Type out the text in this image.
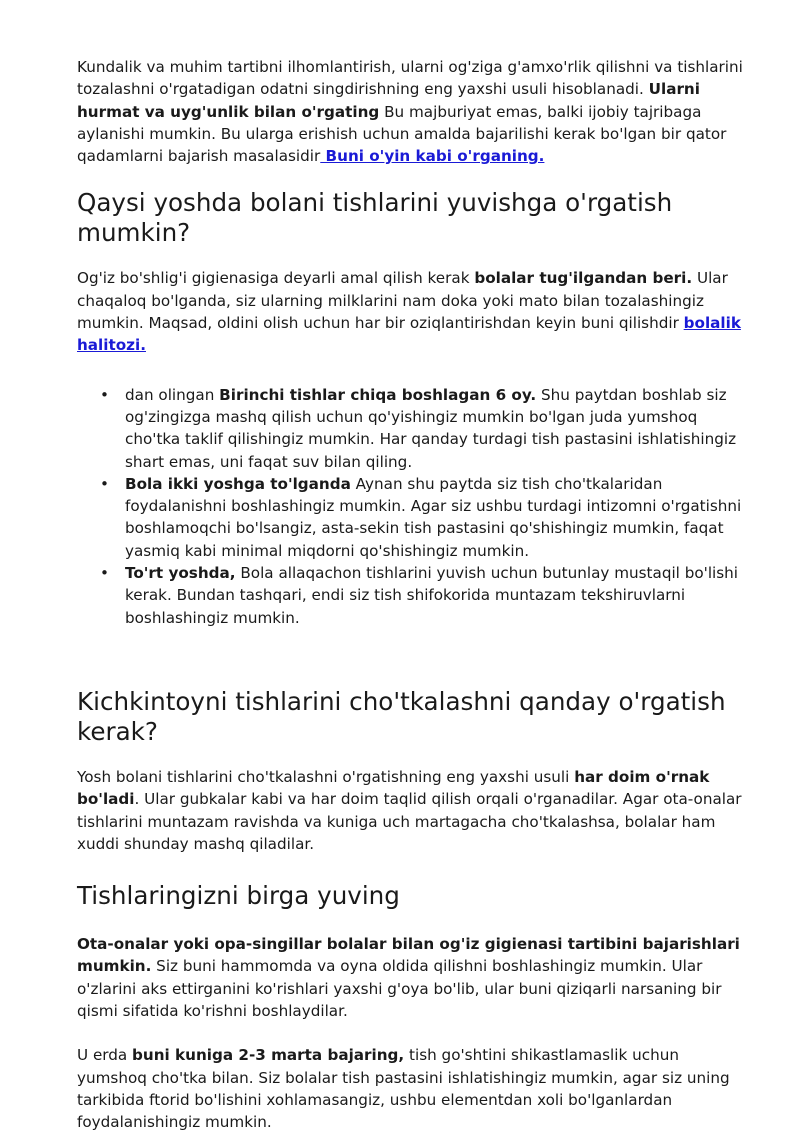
Kundalik va muhim tartibni ilhomlantirish, ularni og'ziga g'amxo'rlik qilishni va tishlarini tozalashni o'rgatadigan odatni singdirishning eng yaxshi usuli hisoblanadi. Ularni hurmat va uyg'unlik bilan o'rgating Bu majburiyat emas, balki ijobiy tajribaga aylanishi mumkin. Bu ularga erishish uchun amalda bajarilishi kerak bo'lgan bir qator qadamlarni bajarish masalasidir Buni o'yin kabi o'rganing.

Qaysi yoshda bolani tishlarini yuvishga o'rgatish mumkin?

Og'iz bo'shlig'i gigienasiga deyarli amal qilish kerak bolalar tug'ilgandan beri. Ular chaqaloq bo'lganda, siz ularning milklarini nam doka yoki mato bilan tozalashingiz mumkin. Maqsad, oldini olish uchun har bir oziqlantirishdan keyin buni qilishdir bolalik halitozi.

• dan olingan Birinchi tishlar chiqa boshlagan 6 oy. Shu paytdan boshlab siz og'zingizga mashq qilish uchun qo'yishingiz mumkin bo'lgan juda yumshoq cho'tka taklif qilishingiz mumkin. Har qanday turdagi tish pastasini ishlatishingiz shart emas, uni faqat suv bilan qiling.
• Bola ikki yoshga to'lganda Aynan shu paytda siz tish cho'tkalaridan foydalanishni boshlashingiz mumkin. Agar siz ushbu turdagi intizomni o'rgatishni boshlamoqchi bo'lsangiz, asta-sekin tish pastasini qo'shishingiz mumkin, faqat yasmiq kabi minimal miqdorni qo'shishingiz mumkin.
• To'rt yoshda, Bola allaqachon tishlarini yuvish uchun butunlay mustaqil bo'lishi kerak. Bundan tashqari, endi siz tish shifokorida muntazam tekshiruvlarni boshlashingiz mumkin.
Kichkintoyni tishlarini cho'tkalashni qanday o'rgatish kerak?

Yosh bolani tishlarini cho'tkalashni o'rgatishning eng yaxshi usuli har doim o'rnak bo'ladi. Ular gubkalar kabi va har doim taqlid qilish orqali o'rganadilar. Agar ota-onalar tishlarini muntazam ravishda va kuniga uch martagacha cho'tkalashsa, bolalar ham xuddi shunday mashq qiladilar.

Tishlaringizni birga yuving

Ota-onalar yoki opa-singillar bolalar bilan og'iz gigienasi tartibini bajarishlari mumkin. Siz buni hammomda va oyna oldida qilishni boshlashingiz mumkin. Ular o'zlarini aks ettirganini ko'rishlari yaxshi g'oya bo'lib, ular buni qiziqarli narsaning bir qismi sifatida ko'rishni boshlaydilar.

U erda buni kuniga 2-3 marta bajaring, tish go'shtini shikastlamaslik uchun yumshoq cho'tka bilan. Siz bolalar tish pastasini ishlatishingiz mumkin, agar siz uning tarkibida ftorid bo'lishini xohlamasangiz, ushbu elementdan xoli bo'lganlardan foydalanishingiz mumkin.
